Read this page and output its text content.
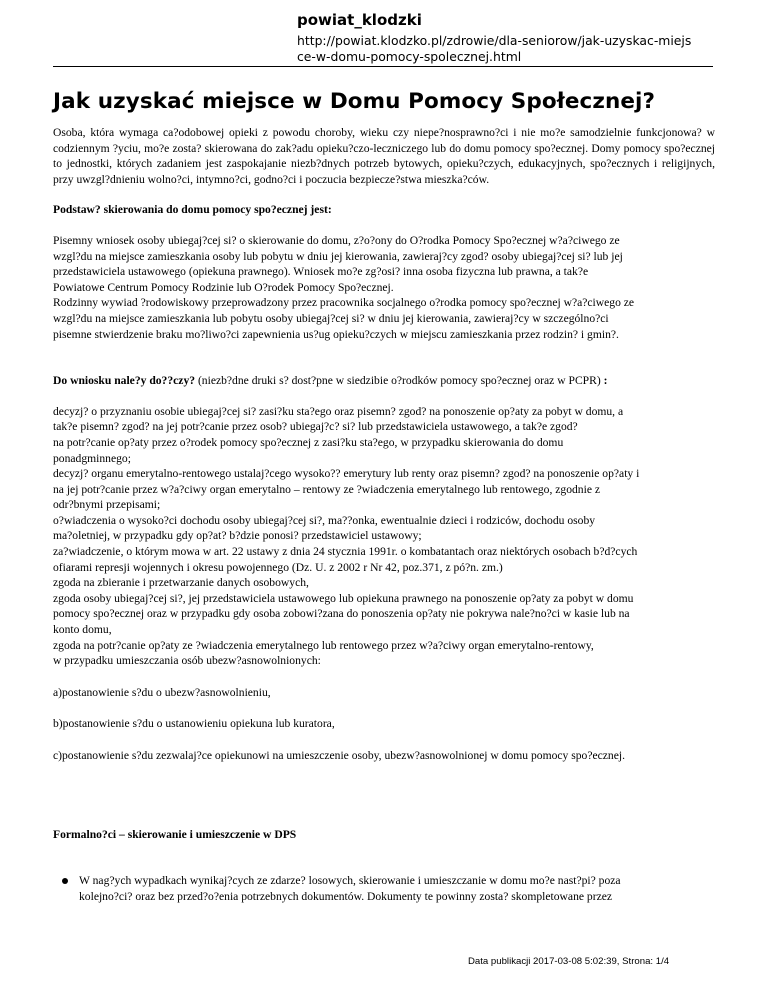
powiat_klodzki
http://powiat.klodzko.pl/zdrowie/dla-seniorow/jak-uzyskac-miejs
ce-w-domu-pomocy-spolecznej.html
Jak uzyskać miejsce w Domu Pomocy Społecznej?

Osoba, która wymaga ca?odobowej opieki z powodu choroby, wieku czy niepe?nosprawno?ci i nie mo?e samodzielnie funkcjonowa? w codziennym ?yciu, mo?e zosta? skierowana do zak?adu opieku?czo-leczniczego lub do domu pomocy spo?ecznej. Domy pomocy spo?ecznej to jednostki, których zadaniem jest zaspokajanie niezb?dnych potrzeb bytowych, opieku?czych, edukacyjnych, spo?ecznych i religijnych, przy uwzgl?dnieniu wolno?ci, intymno?ci, godno?ci i poczucia bezpiecze?stwa mieszka?ców.

Podstaw? skierowania do domu pomocy spo?ecznej jest:

Pisemny wniosek osoby ubiegaj?cej si? o skierowanie do domu, z?o?ony do O?rodka Pomocy Spo?ecznej w?a?ciwego ze
wzgl?du na miejsce zamieszkania osoby lub pobytu w dniu jej kierowania, zawieraj?cy zgod? osoby ubiegaj?cej si? lub jej
przedstawiciela ustawowego (opiekuna prawnego). Wniosek mo?e zg?osi? inna osoba fizyczna lub prawna, a tak?e
Powiatowe Centrum Pomocy Rodzinie lub O?rodek Pomocy Spo?ecznej.
Rodzinny wywiad ?rodowiskowy przeprowadzony przez pracownika socjalnego o?rodka pomocy spo?ecznej w?a?ciwego ze
wzgl?du na miejsce zamieszkania lub pobytu osoby ubiegaj?cej si? w dniu jej kierowania, zawieraj?cy w szczególno?ci
pisemne stwierdzenie braku mo?liwo?ci zapewnienia us?ug opieku?czych w miejscu zamieszkania przez rodzin? i gmin?.

Do wniosku nale?y do??czy? (niezb?dne druki s? dost?pne w siedzibie o?rodków pomocy spo?ecznej oraz w PCPR) :

decyzj? o przyznaniu osobie ubiegaj?cej si? zasi?ku sta?ego oraz pisemn? zgod? na ponoszenie op?aty za pobyt w domu, a
tak?e pisemn? zgod? na jej potr?canie przez osob? ubiegaj?c? si? lub przedstawiciela ustawowego, a tak?e zgod?
na potr?canie op?aty przez o?rodek pomocy spo?ecznej z zasi?ku sta?ego, w przypadku skierowania do domu
ponadgminnego;
decyzj? organu emerytalno-rentowego ustalaj?cego wysoko?? emerytury lub renty oraz pisemn? zgod? na ponoszenie op?aty i
na jej potr?canie przez w?a?ciwy organ emerytalno – rentowy ze ?wiadczenia emerytalnego lub rentowego, zgodnie z
odr?bnymi przepisami;
o?wiadczenia o wysoko?ci dochodu osoby ubiegaj?cej si?, ma??onka, ewentualnie dzieci i rodziców, dochodu osoby
ma?oletniej, w przypadku gdy op?at? b?dzie ponosi? przedstawiciel ustawowy;
za?wiadczenie, o którym mowa w art. 22 ustawy z dnia 24 stycznia 1991r. o kombatantach oraz niektórych osobach b?d?cych
ofiarami represji wojennych i okresu powojennego (Dz. U. z 2002 r Nr 42, poz.371, z pó?n. zm.)
zgoda na zbieranie i przetwarzanie danych osobowych,
zgoda osoby ubiegaj?cej si?, jej przedstawiciela ustawowego lub opiekuna prawnego na ponoszenie op?aty za pobyt w domu
pomocy spo?ecznej oraz w przypadku gdy osoba zobowi?zana do ponoszenia op?aty nie pokrywa nale?no?ci w kasie lub na
konto domu,
zgoda na potr?canie op?aty ze ?wiadczenia emerytalnego lub rentowego przez w?a?ciwy organ emerytalno-rentowy,
w przypadku umieszczania osób ubezw?asnowolnionych:

a)postanowienie s?du o ubezw?asnowolnieniu,

b)postanowienie s?du o ustanowieniu opiekuna lub kuratora,

c)postanowienie s?du zezwalaj?ce opiekunowi na umieszczenie osoby, ubezw?asnowolnionej w domu pomocy spo?ecznej.

Formalno?ci – skierowanie i umieszczenie w DPS

W nag?ych wypadkach wynikaj?cych ze zdarze? losowych, skierowanie i umieszczanie w domu mo?e nast?pi? poza
kolejno?ci? oraz bez przed?o?enia potrzebnych dokumentów. Dokumenty te powinny zosta? skompletowane przez
Data publikacji 2017-03-08 5:02:39, Strona: 1/4
